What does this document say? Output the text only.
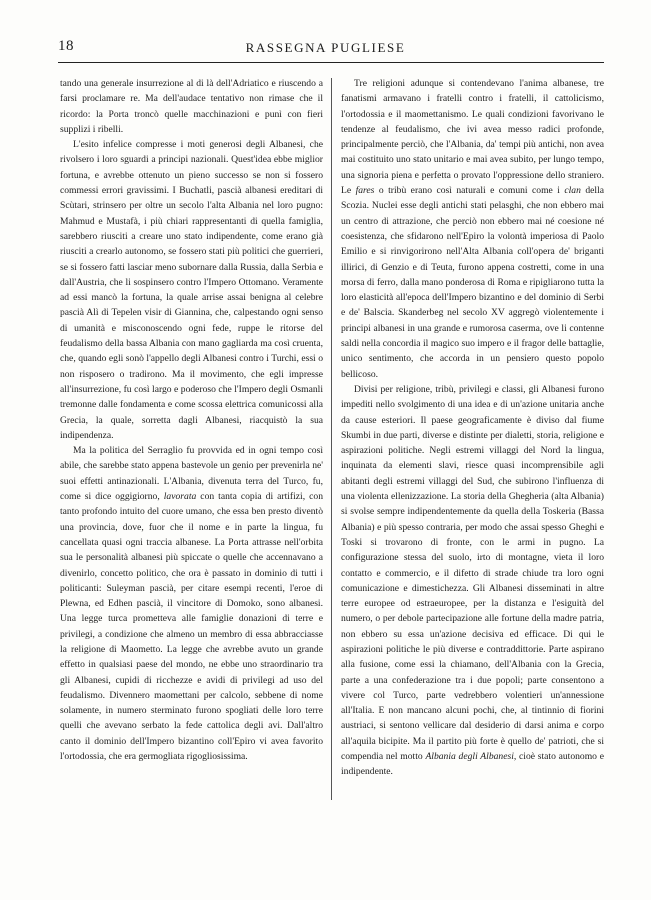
18	RASSEGNA PUGLIESE

tando una generale insurrezione al di là dell'Adriatico e riuscendo a farsi proclamare re. Ma dell'audace tentativo non rimase che il ricordo: la Porta troncò quelle macchinazioni e punì con fieri supplizi i ribelli.

L'esito infelice compresse i moti generosi degli Albanesi, che rivolsero i loro sguardi a principi nazionali. Quest'idea ebbe miglior fortuna, e avrebbe ottenuto un pieno successo se non si fossero commessi errori gravissimi. I Buchatli, pascià albanesi ereditari di Scùtari, strinsero per oltre un secolo l'alta Albania nel loro pugno: Mahmud e Mustafà, i più chiari rappresentanti di quella famiglia, sarebbero riusciti a creare uno stato indipendente, come erano già riusciti a crearlo autonomo, se fossero stati più politici che guerrieri, se si fossero fatti lasciar meno subornare dalla Russia, dalla Serbia e dall'Austria, che li sospinsero contro l'Impero Ottomano. Veramente ad essi mancò la fortuna, la quale arrise assai benigna al celebre pascià Alì di Tepelen visir di Giannina, che, calpestando ogni senso di umanità e misconoscendo ogni fede, ruppe le ritorse del feudalismo della bassa Albania con mano gagliarda ma così cruenta, che, quando egli sonò l'appello degli Albanesi contro i Turchi, essi o non risposero o tradirono. Ma il movimento, che egli impresse all'insurrezione, fu così largo e poderoso che l'Impero degli Osmanli tremonne dalle fondamenta e come scossa elettrica comunicossi alla Grecia, la quale, sorretta dagli Albanesi, riacquistò la sua indipendenza.

Ma la politica del Serraglio fu provvida ed in ogni tempo così abile, che sarebbe stato appena bastevole un genio per prevenirla ne' suoi effetti antinazionali. L'Albania, divenuta terra del Turco, fu, come si dice oggigiorno, lavorata con tanta copia di artifizi, con tanto profondo intuito del cuore umano, che essa ben presto diventò una provincia, dove, fuor che il nome e in parte la lingua, fu cancellata quasi ogni traccia albanese. La Porta attrasse nell'orbita sua le personalità albanesi più spiccate o quelle che accennavano a divenirlo, concetto politico, che ora è passato in dominio di tutti i politicanti: Suleyman pascià, per citare esempi recenti, l'eroe di Plewna, ed Edhen pascià, il vincitore di Domoko, sono albanesi. Una legge turca prometteva alle famiglie donazioni di terre e privilegi, a condizione che almeno un membro di essa abbracciasse la religione di Maometto. La legge che avrebbe avuto un grande effetto in qualsiasi paese del mondo, ne ebbe uno straordinario tra gli Albanesi, cupidi di ricchezze e avidi di privilegi ad uso del feudalismo. Divennero maomettani per calcolo, sebbene di nome solamente, in numero sterminato furono spogliati delle loro terre quelli che avevano serbato la fede cattolica degli avi. Dall'altro canto il dominio dell'Impero bizantino coll'Epiro vi avea favorito l'ortodossia, che era germogliata rigogliosissima.

Tre religioni adunque si contendevano l'anima albanese, tre fanatismi armavano i fratelli contro i fratelli, il cattolicismo, l'ortodossia e il maomettanismo. Le quali condizioni favorivano le tendenze al feudalismo, che ivi avea messo radici profonde, principalmente perciò, che l'Albania, da' tempi più antichi, non avea mai costituito uno stato unitario e mai avea subito, per lungo tempo, una signoria piena e perfetta o provato l'oppressione dello straniero. Le fares o tribù erano così naturali e comuni come i clan della Scozia. Nuclei esse degli antichi stati pelasghi, che non ebbero mai un centro di attrazione, che perciò non ebbero mai né coesione né coesistenza, che sfidarono nell'Epiro la volontà imperiosa di Paolo Emilio e si rinvigorirono nell'Alta Albania coll'opera de' briganti illirici, di Genzio e di Teuta, furono appena costretti, come in una morsa di ferro, dalla mano ponderosa di Roma e ripigliarono tutta la loro elasticità all'epoca dell'Impero bizantino e del dominio di Serbi e de' Balscia. Skanderbeg nel secolo XV aggregò violentemente i principi albanesi in una grande e rumorosa caserma, ove li contenne saldi nella concordia il magico suo impero e il fragor delle battaglie, unico sentimento, che accorda in un pensiero questo popolo bellicoso.

Divisi per religione, tribù, privilegi e classi, gli Albanesi furono impediti nello svolgimento di una idea e di un'azione unitaria anche da cause esteriori. Il paese geograficamente è diviso dal fiume Skumbi in due parti, diverse e distinte per dialetti, storia, religione e aspirazioni politiche. Negli estremi villaggi del Nord la lingua, inquinata da elementi slavi, riesce quasi incomprensibile agli abitanti degli estremi villaggi del Sud, che subirono l'influenza di una violenta ellenizzazione. La storia della Ghegheria (alta Albania) si svolse sempre indipendentemente da quella della Toskeria (Bassa Albania) e più spesso contraria, per modo che assai spesso Gheghi e Toski si trovarono di fronte, con le armi in pugno. La configurazione stessa del suolo, irto di montagne, vieta il loro contatto e commercio, e il difetto di strade chiude tra loro ogni comunicazione e dimestichezza. Gli Albanesi disseminati in altre terre europee od estraeuropee, per la distanza e l'esiguità del numero, o per debole partecipazione alle fortune della madre patria, non ebbero su essa un'azione decisiva ed efficace. Di qui le aspirazioni politiche le più diverse e contraddittorie. Parte aspirano alla fusione, come essi la chiamano, dell'Albania con la Grecia, parte a una confederazione tra i due popoli; parte consentono a vivere col Turco, parte vedrebbero volentieri un'annessione all'Italia. E non mancano alcuni pochi, che, al tintinnio di fiorini austriaci, si sentono vellicare dal desiderio di darsi anima e corpo all'aquila bicipite. Ma il partito più forte è quello de' patrioti, che si compendia nel motto Albania degli Albanesi, cioè stato autonomo e indipendente.
